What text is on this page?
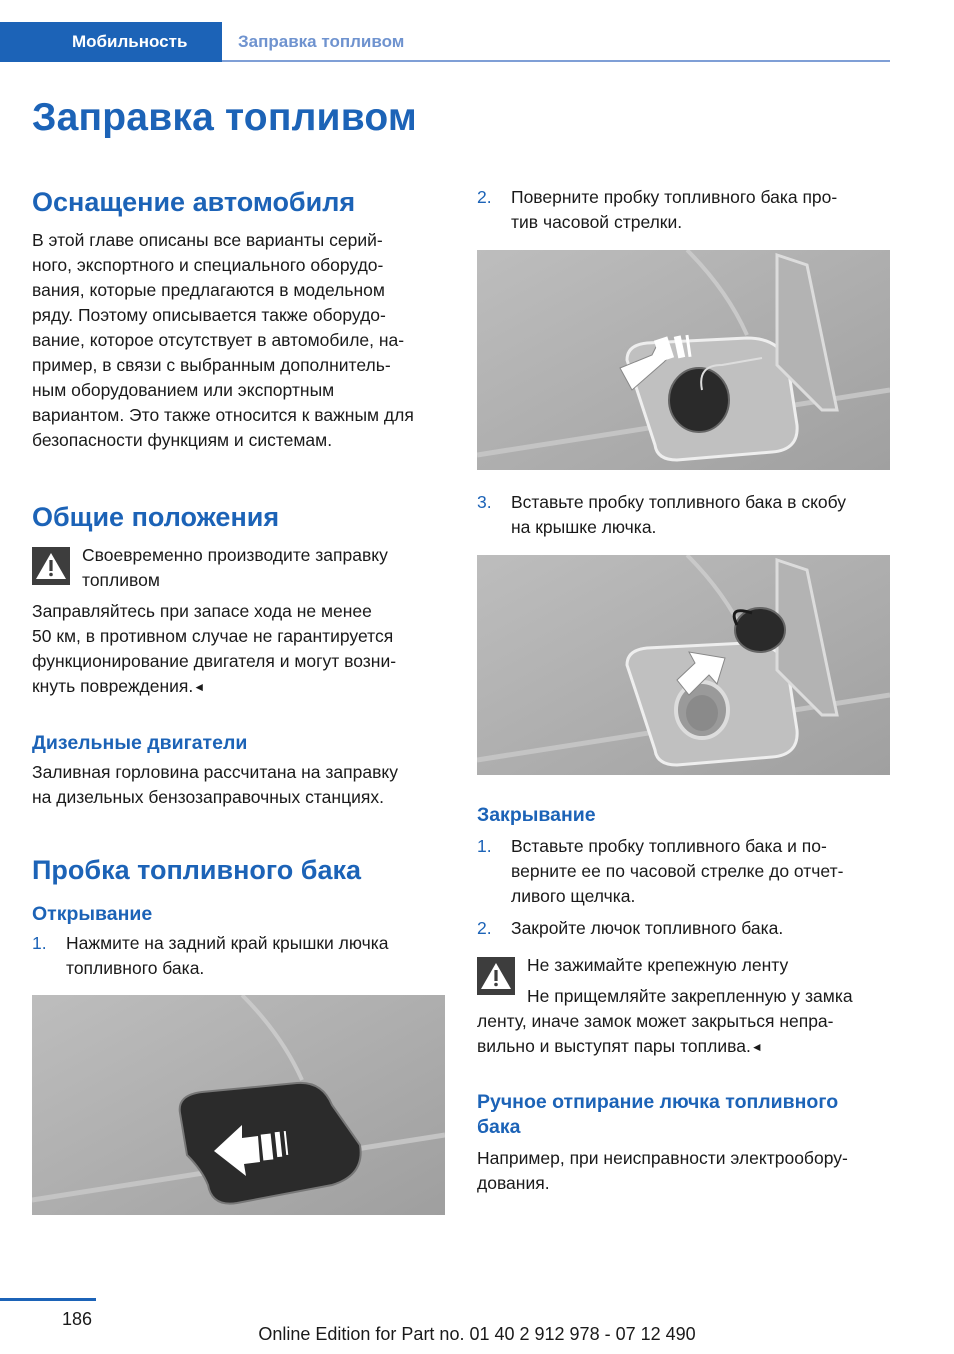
Мобильность	Заправка топливом
Заправка топливом
Оснащение автомобиля
В этой главе описаны все варианты серий-
ного, экспортного и специального оборудо-
вания, которые предлагаются в модельном
ряду. Поэтому описывается также оборудо-
вание, которое отсутствует в автомобиле, на-
пример, в связи с выбранным дополнитель-
ным оборудованием или экспортным
вариантом. Это также относится к важным для
безопасности функциям и системам.
Общие положения
Своевременно производите заправку
топливом
Заправляйтесь при запасе хода не менее
50 км, в противном случае не гарантируется
функционирование двигателя и могут возни-
кнуть повреждения.◄
Дизельные двигатели
Заливная горловина рассчитана на заправку
на дизельных бензозаправочных станциях.
Пробка топливного бака
Открывание
1. Нажмите на задний край крышки лючка
топливного бака.
2. Поверните пробку топливного бака про-
тив часовой стрелки.
3. Вставьте пробку топливного бака в скобу
на крышке лючка.
Закрывание
1. Вставьте пробку топливного бака и по-
верните ее по часовой стрелке до отчет-
ливого щелчка.
2. Закройте лючок топливного бака.
Не зажимайте крепежную ленту
Не прищемляйте закрепленную у замка
ленту, иначе замок может закрыться непра-
вильно и выступят пары топлива.◄
Ручное отпирание лючка топливного
бака
Например, при неисправности электрообору-
дования.
186
Online Edition for Part no. 01 40 2 912 978 - 07 12 490
